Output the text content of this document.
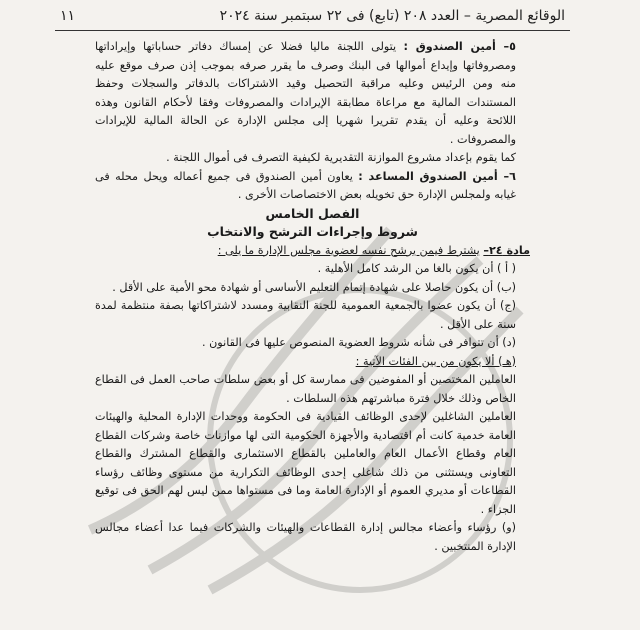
الوقائع المصرية – العدد ٢٠٨ (تابع) فى ٢٢ سبتمبر سنة ٢٠٢٤
١١

٥– أمين الصندوق : يتولى اللجنة ماليا فضلا عن إمساك دفاتر حساباتها وإيراداتها ومصروفاتها وإيداع أموالها فى البنك وصرف ما يقرر صرفه بموجب إذن صرف موقع عليه منه ومن الرئيس وعليه مراقبة التحصيل وقيد الاشتراكات بالدفاتر والسجلات وحفظ المستندات المالية مع مراعاة مطابقة الإيرادات والمصروفات وفقا لأحكام القانون وهذه اللائحة وعليه أن يقدم تقريرا شهريا إلى مجلس الإدارة عن الحالة المالية للإيرادات والمصروفات .

كما يقوم بإعداد مشروع الموازنة التقديرية لكيفية التصرف فى أموال اللجنة .

٦– أمين الصندوق المساعد : يعاون أمين الصندوق فى جميع أعماله ويحل محله فى غيابه ولمجلس الإدارة حق تخويله بعض الاختصاصات الأخرى .

الفصل الخامس

شروط وإجراءات الترشح والانتخاب

مادة ٢٤– يشترط فيمن يرشح نفسه لعضوية مجلس الإدارة ما يلى :

( أ ) أن يكون بالغا من الرشد كامل الأهلية .

(ب) أن يكون حاصلا على شهادة إتمام التعليم الأساسى أو شهادة محو الأمية على الأقل .

(ج) أن يكون عضوا بالجمعية العمومية للجنة النقابية ومسدد لاشتراكاتها بصفة منتظمة لمدة سنة على الأقل .

(د) أن تتوافر فى شأنه شروط العضوية المنصوص عليها فى القانون .

(هـ) ألا يكون من بين الفئات الآتية :

العاملين المختصين أو المفوضين فى ممارسة كل أو بعض سلطات صاحب العمل فى القطاع الخاص وذلك خلال فترة مباشرتهم هذه السلطات .

العاملين الشاغلين لإحدى الوظائف القيادية فى الحكومة ووحدات الإدارة المحلية والهيئات العامة خدمية كانت أم اقتصادية والأجهزة الحكومية التى لها موازنات خاصة وشركات القطاع العام وقطاع الأعمال العام والعاملين بالقطاع الاستثمارى والقطاع المشترك والقطاع التعاونى ويستثنى من ذلك شاغلى إحدى الوظائف التكرارية من مستوى وظائف رؤساء القطاعات أو مديري العموم أو الإدارة العامة وما فى مستواها ممن ليس لهم الحق فى توقيع الجزاء .

(و) رؤساء وأعضاء مجالس إدارة القطاعات والهيئات والشركات فيما عدا أعضاء مجالس الإدارة المنتخبين .
